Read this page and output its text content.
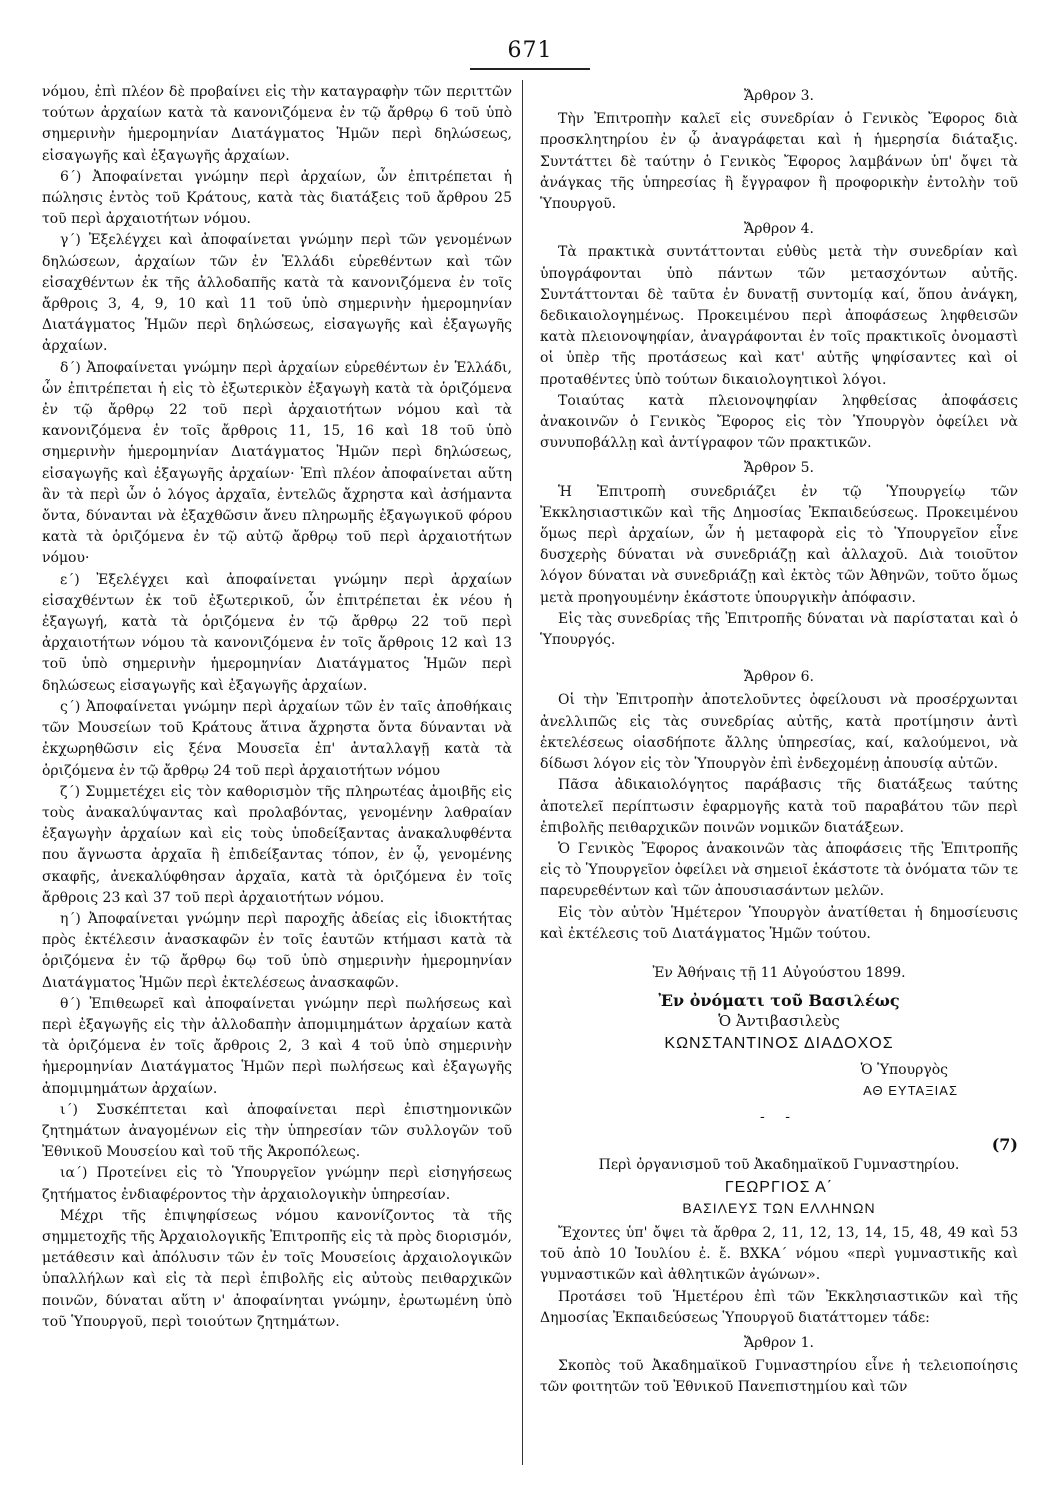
671

νόμου, ἐπὶ πλέον δὲ προβαίνει εἰς τὴν καταγραφὴν τῶν περιττῶν τούτων ἀρχαίων κατὰ τὰ κανονιζόμενα ἐν τῷ ἄρθρῳ 6 τοῦ ὑπὸ σημερινὴν ἡμερομηνίαν Διατάγματος Ἡμῶν περὶ δηλώσεως, εἰσαγωγῆς καὶ ἐξαγωγῆς ἀρχαίων.

6΄) Ἀποφαίνεται γνώμην περὶ ἀρχαίων, ὧν ἐπιτρέπεται ἡ πώλησις ἐντὸς τοῦ Κράτους, κατὰ τὰς διατάξεις τοῦ ἄρθρου 25 τοῦ περὶ ἀρχαιοτήτων νόμου.

γ΄) Ἐξελέγχει καὶ ἀποφαίνεται γνώμην περὶ τῶν γενομένων δηλώσεων, ἀρχαίων τῶν ἐν Ἑλλάδι εὑρεθέντων καὶ τῶν εἰσαχθέντων ἐκ τῆς ἀλλοδαπῆς κατὰ τὰ κανονιζόμενα ἐν τοῖς ἄρθροις 3, 4, 9, 10 καὶ 11 τοῦ ὑπὸ σημερινὴν ἡμερομηνίαν Διατάγματος Ἡμῶν περὶ δηλώσεως, εἰσαγωγῆς καὶ ἐξαγωγῆς ἀρχαίων.

δ΄) Ἀποφαίνεται γνώμην περὶ ἀρχαίων εὑρεθέντων ἐν Ἑλλάδι, ὧν ἐπιτρέπεται ἡ εἰς τὸ ἐξωτερικὸν ἐξαγωγὴ κατὰ τὰ ὁριζόμενα ἐν τῷ ἄρθρῳ 22 τοῦ περὶ ἀρχαιοτήτων νόμου καὶ τὰ κανονιζόμενα ἐν τοῖς ἄρθροις 11, 15, 16 καὶ 18 τοῦ ὑπὸ σημερινὴν ἡμερομηνίαν Διατάγματος Ἡμῶν περὶ δηλώσεως, εἰσαγωγῆς καὶ ἐξαγωγῆς ἀρχαίων· Ἐπὶ πλέον ἀποφαίνεται αὕτη ἂν τὰ περὶ ὧν ὁ λόγος ἀρχαῖα, ἐντελῶς ἄχρηστα καὶ ἀσήμαντα ὄντα, δύνανται νὰ ἐξαχθῶσιν ἄνευ πληρωμῆς ἐξαγωγικοῦ φόρου κατὰ τὰ ὁριζόμενα ἐν τῷ αὐτῷ ἄρθρῳ τοῦ περὶ ἀρχαιοτήτων νόμου·

ε΄) Ἐξελέγχει καὶ ἀποφαίνεται γνώμην περὶ ἀρχαίων εἰσαχθέντων ἐκ τοῦ ἐξωτερικοῦ, ὧν ἐπιτρέπεται ἐκ νέου ἡ ἐξαγωγή, κατὰ τὰ ὁριζόμενα ἐν τῷ ἄρθρῳ 22 τοῦ περὶ ἀρχαιοτήτων νόμου τὰ κανονιζόμενα ἐν τοῖς ἄρθροις 12 καὶ 13 τοῦ ὑπὸ σημερινὴν ἡμερομηνίαν Διατάγματος Ἡμῶν περὶ δηλώσεως εἰσαγωγῆς καὶ ἐξαγωγῆς ἀρχαίων.

ς΄) Ἀποφαίνεται γνώμην περὶ ἀρχαίων τῶν ἐν ταῖς ἀποθήκαις τῶν Μουσείων τοῦ Κράτους ἅτινα ἄχρηστα ὄντα δύνανται νὰ ἐκχωρηθῶσιν εἰς ξένα Μουσεῖα ἐπ' ἀνταλλαγῇ κατὰ τὰ ὁριζόμενα ἐν τῷ ἄρθρῳ 24 τοῦ περὶ ἀρχαιοτήτων νόμου

ζ΄) Συμμετέχει εἰς τὸν καθορισμὸν τῆς πληρωτέας ἀμοιβῆς εἰς τοὺς ἀνακαλύψαντας καὶ προλαβόντας, γενομένην λαθραίαν ἐξαγωγὴν ἀρχαίων καὶ εἰς τοὺς ὑποδείξαντας ἀνακαλυφθέντα που ἄγνωστα ἀρχαῖα ἢ ἐπιδείξαντας τόπον, ἐν ᾧ, γενομένης σκαφῆς, ἀνεκαλύφθησαν ἀρχαῖα, κατὰ τὰ ὁριζόμενα ἐν τοῖς ἄρθροις 23 καὶ 37 τοῦ περὶ ἀρχαιοτήτων νόμου.

η΄) Ἀποφαίνεται γνώμην περὶ παροχῆς ἀδείας εἰς ἰδιοκτήτας πρὸς ἐκτέλεσιν ἀνασκαφῶν ἐν τοῖς ἑαυτῶν κτήμασι κατὰ τὰ ὁριζόμενα ἐν τῷ ἄρθρῳ 6ῳ τοῦ ὑπὸ σημερινὴν ἡμερομηνίαν Διατάγματος Ἡμῶν περὶ ἐκτελέσεως ἀνασκαφῶν.

θ΄) Ἐπιθεωρεῖ καὶ ἀποφαίνεται γνώμην περὶ πωλήσεως καὶ περὶ ἐξαγωγῆς εἰς τὴν ἀλλοδαπὴν ἀπομιμημάτων ἀρχαίων κατὰ τὰ ὁριζόμενα ἐν τοῖς ἄρθροις 2, 3 καὶ 4 τοῦ ὑπὸ σημερινὴν ἡμερομηνίαν Διατάγματος Ἡμῶν περὶ πωλήσεως καὶ ἐξαγωγῆς ἀπομιμημάτων ἀρχαίων.

ι΄) Συσκέπτεται καὶ ἀποφαίνεται περὶ ἐπιστημονικῶν ζητημάτων ἀναγομένων εἰς τὴν ὑπηρεσίαν τῶν συλλογῶν τοῦ Ἐθνικοῦ Μουσείου καὶ τοῦ τῆς Ἀκροπόλεως.

ια΄) Προτείνει εἰς τὸ Ὑπουργεῖον γνώμην περὶ εἰσηγήσεως ζητήματος ἐνδιαφέροντος τὴν ἀρχαιολογικὴν ὑπηρεσίαν.

Μέχρι τῆς ἐπιψηφίσεως νόμου κανονίζοντος τὰ τῆς σημμετοχῆς τῆς Ἀρχαιολογικῆς Ἐπιτροπῆς εἰς τὰ πρὸς διορισμόν, μετάθεσιν καὶ ἀπόλυσιν τῶν ἐν τοῖς Μουσείοις ἀρχαιολογικῶν ὑπαλλήλων καὶ εἰς τὰ περὶ ἐπιβολῆς εἰς αὐτοὺς πειθαρχικῶν ποινῶν, δύναται αὕτη ν' ἀποφαίνηται γνώμην, ἐρωτωμένη ὑπὸ τοῦ Ὑπουργοῦ, περὶ τοιούτων ζητημάτων.

Ἄρθρον 3.

Τὴν Ἐπιτροπὴν καλεῖ εἰς συνεδρίαν ὁ Γενικὸς Ἔφορος διὰ προσκλητηρίου ἐν ᾧ ἀναγράφεται καὶ ἡ ἡμερησία διάταξις. Συντάττει δὲ ταύτην ὁ Γενικὸς Ἔφορος λαμβάνων ὑπ' ὄψει τὰ ἀνάγκας τῆς ὑπηρεσίας ἢ ἔγγραφον ἢ προφορικὴν ἐντολὴν τοῦ Ὑπουργοῦ.

Ἄρθρον 4.

Τὰ πρακτικὰ συντάττονται εὐθὺς μετὰ τὴν συνεδρίαν καὶ ὑπογράφονται ὑπὸ πάντων τῶν μετασχόντων αὐτῆς. Συντάττονται δὲ ταῦτα ἐν δυνατῇ συντομίᾳ καί, ὅπου ἀνάγκη, δεδικαιολογημένως. Προκειμένου περὶ ἀποφάσεως ληφθεισῶν κατὰ πλειονοψηφίαν, ἀναγράφονται ἐν τοῖς πρακτικοῖς ὀνομαστὶ οἱ ὑπὲρ τῆς προτάσεως καὶ κατ' αὐτῆς ψηφίσαντες καὶ οἱ προταθέντες ὑπὸ τούτων δικαιολογητικοὶ λόγοι.

Τοιαύτας κατὰ πλειονοψηφίαν ληφθείσας ἀποφάσεις ἀνακοινῶν ὁ Γενικὸς Ἔφορος εἰς τὸν Ὑπουργὸν ὀφείλει νὰ συνυποβάλλῃ καὶ ἀντίγραφον τῶν πρακτικῶν.

Ἄρθρον 5.

Ἡ Ἐπιτροπὴ συνεδριάζει ἐν τῷ Ὑπουργείῳ τῶν Ἐκκλησιαστικῶν καὶ τῆς Δημοσίας Ἐκπαιδεύσεως. Προκειμένου ὅμως περὶ ἀρχαίων, ὧν ἡ μεταφορὰ εἰς τὸ Ὑπουργεῖον εἶνε δυσχερὴς δύναται νὰ συνεδριάζῃ καὶ ἀλλαχοῦ. Διὰ τοιοῦτον λόγον δύναται νὰ συνεδριάζῃ καὶ ἐκτὸς τῶν Ἀθηνῶν, τοῦτο ὅμως μετὰ προηγουμένην ἑκάστοτε ὑπουργικὴν ἀπόφασιν.

Εἰς τὰς συνεδρίας τῆς Ἐπιτροπῆς δύναται νὰ παρίσταται καὶ ὁ Ὑπουργός.

Ἄρθρον 6.

Οἱ τὴν Ἐπιτροπὴν ἀποτελοῦντες ὀφείλουσι νὰ προσέρχωνται ἀνελλιπῶς εἰς τὰς συνεδρίας αὐτῆς, κατὰ προτίμησιν ἀντὶ ἐκτελέσεως οἱασδήποτε ἄλλης ὑπηρεσίας, καί, καλούμενοι, νὰ δίδωσι λόγον εἰς τὸν Ὑπουργὸν ἐπὶ ἐνδεχομένῃ ἀπουσίᾳ αὐτῶν.

Πᾶσα ἀδικαιολόγητος παράβασις τῆς διατάξεως ταύτης ἀποτελεῖ περίπτωσιν ἐφαρμογῆς κατὰ τοῦ παραβάτου τῶν περὶ ἐπιβολῆς πειθαρχικῶν ποινῶν νομικῶν διατάξεων.

Ὁ Γενικὸς Ἔφορος ἀνακοινῶν τὰς ἀποφάσεις τῆς Ἐπιτροπῆς εἰς τὸ Ὑπουργεῖον ὀφείλει νὰ σημειοῖ ἑκάστοτε τὰ ὀνόματα τῶν τε παρευρεθέντων καὶ τῶν ἀπουσιασάντων μελῶν.

Εἰς τὸν αὐτὸν Ἡμέτερον Ὑπουργὸν ἀνατίθεται ἡ δημοσίευσις καὶ ἐκτέλεσις τοῦ Διατάγματος Ἡμῶν τούτου.

Ἐν Ἀθήναις τῇ 11 Αὐγούστου 1899.
Ἐν ὀνόματι τοῦ Βασιλέως
Ὁ Ἀντιβασιλεὺς
ΚΩΝΣΤΑΝΤΙΝΟΣ ΔΙΑΔΟΧΟΣ
Ὁ Ὑπουργὸς
ΑΘ ΕΥΤΑΞΙΑΣ
- -
(7)
Περὶ ὀργανισμοῦ τοῦ Ἀκαδημαϊκοῦ Γυμναστηρίου.
ΓΕΩΡΓΙΟΣ Α΄
ΒΑΣΙΛΕΥΣ ΤΩΝ ΕΛΛΗΝΩΝ

Ἔχοντες ὑπ' ὄψει τὰ ἄρθρα 2, 11, 12, 13, 14, 15, 48, 49 καὶ 53 τοῦ ἀπὸ 10 Ἰουλίου ἐ. ἔ. ΒΧΚΑ΄ νόμου «περὶ γυμναστικῆς καὶ γυμναστικῶν καὶ ἀθλητικῶν ἀγώνων».

Προτάσει τοῦ Ἡμετέρου ἐπὶ τῶν Ἐκκλησιαστικῶν καὶ τῆς Δημοσίας Ἐκπαιδεύσεως Ὑπουργοῦ διατάττομεν τάδε:

Ἄρθρον 1.

Σκοπὸς τοῦ Ἀκαδημαϊκοῦ Γυμναστηρίου εἶνε ἡ τελειοποίησις τῶν φοιτητῶν τοῦ Ἐθνικοῦ Πανεπιστημίου καὶ τῶν
